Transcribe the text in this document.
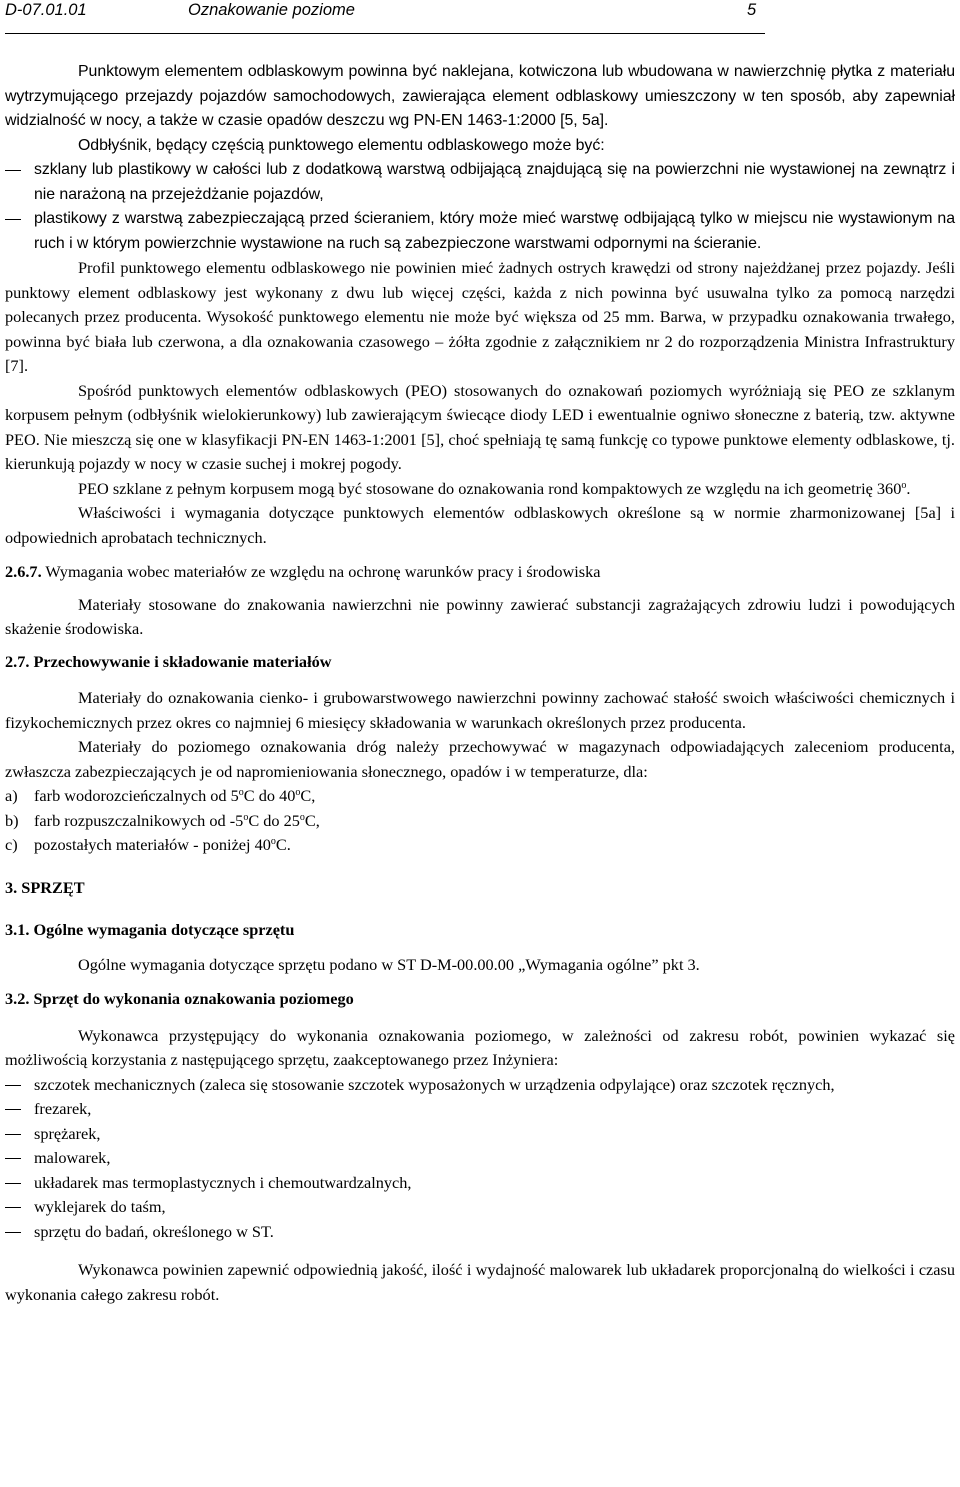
D-07.01.01	Oznakowanie poziome	5

Punktowym elementem odblaskowym powinna być naklejana, kotwiczona lub wbudowana w nawierzchnię płytka z materiału wytrzymującego przejazdy pojazdów samochodowych, zawierająca element odblaskowy umieszczony w ten sposób, aby zapewniał widzialność w nocy, a także w czasie opadów deszczu wg PN-EN 1463-1:2000 [5, 5a].

Odbłyśnik, będący częścią punktowego elementu odblaskowego może być:

szklany lub plastikowy w całości lub z dodatkową warstwą odbijającą znajdującą się na powierzchni nie wystawionej na zewnątrz i nie narażoną na przejeżdżanie pojazdów,
plastikowy z warstwą zabezpieczającą przed ścieraniem, który może mieć warstwę odbijającą tylko w miejscu nie wystawionym na ruch i w którym powierzchnie wystawione na ruch są zabezpieczone warstwami odpornymi na ścieranie.

Profil punktowego elementu odblaskowego nie powinien mieć żadnych ostrych krawędzi od strony najeżdżanej przez pojazdy. Jeśli punktowy element odblaskowy jest wykonany z dwu lub więcej części, każda z nich powinna być usuwalna tylko za pomocą narzędzi polecanych przez producenta. Wysokość punktowego elementu nie może być większa od 25 mm. Barwa, w przypadku oznakowania trwałego, powinna być biała lub czerwona, a dla oznakowania czasowego – żółta zgodnie z załącznikiem nr 2 do rozporządzenia Ministra Infrastruktury [7].

Spośród punktowych elementów odblaskowych (PEO) stosowanych do oznakowań poziomych wyróżniają się PEO ze szklanym korpusem pełnym (odbłyśnik wielokierunkowy) lub zawierającym świecące diody LED i ewentualnie ogniwo słoneczne z baterią, tzw. aktywne PEO. Nie mieszczą się one w klasyfikacji PN-EN 1463-1:2001 [5], choć spełniają tę samą funkcję co typowe punktowe elementy odblaskowe, tj. kierunkują pojazdy w nocy w czasie suchej i mokrej pogody.

PEO szklane z pełnym korpusem mogą być stosowane do oznakowania rond kompaktowych ze względu na ich geometrię 360$^o$.

Właściwości i wymagania dotyczące punktowych elementów odblaskowych określone są w normie zharmonizowanej [5a] i odpowiednich aprobatach technicznych.

2.6.7. Wymagania wobec materiałów ze względu na ochronę warunków pracy i środowiska

Materiały stosowane do znakowania nawierzchni nie powinny zawierać substancji zagrażających zdrowiu ludzi i powodujących skażenie środowiska.

2.7. Przechowywanie i składowanie materiałów

Materiały do oznakowania cienko- i grubowarstwowego nawierzchni powinny zachować stałość swoich właściwości chemicznych i fizykochemicznych przez okres co najmniej 6 miesięcy składowania w warunkach określonych przez producenta.

Materiały do poziomego oznakowania dróg należy przechowywać w magazynach odpowiadających zaleceniom producenta, zwłaszcza zabezpieczających je od napromieniowania słonecznego, opadów i w temperaturze, dla:

a) farb wodorozcieńczalnych od 5$^o$C do 40$^o$C,
b) farb rozpuszczalnikowych od -5$^o$C do 25$^o$C,
c) pozostałych materiałów - poniżej 40$^o$C.

3. SPRZĘT

3.1. Ogólne wymagania dotyczące sprzętu

Ogólne wymagania dotyczące sprzętu podano w ST D-M-00.00.00 „Wymagania ogólne” pkt 3.

3.2. Sprzęt do wykonania oznakowania poziomego

Wykonawca przystępujący do wykonania oznakowania poziomego, w zależności od zakresu robót, powinien wykazać się możliwością korzystania z następującego sprzętu, zaakceptowanego przez Inżyniera:

szczotek mechanicznych (zaleca się stosowanie szczotek wyposażonych w urządzenia odpylające) oraz szczotek ręcznych,
frezarek,
sprężarek,
malowarek,
układarek mas termoplastycznych i chemoutwardzalnych,
wyklejarek do taśm,
sprzętu do badań, określonego w ST.

Wykonawca powinien zapewnić odpowiednią jakość, ilość i wydajność malowarek lub układarek proporcjonalną do wielkości i czasu wykonania całego zakresu robót.
